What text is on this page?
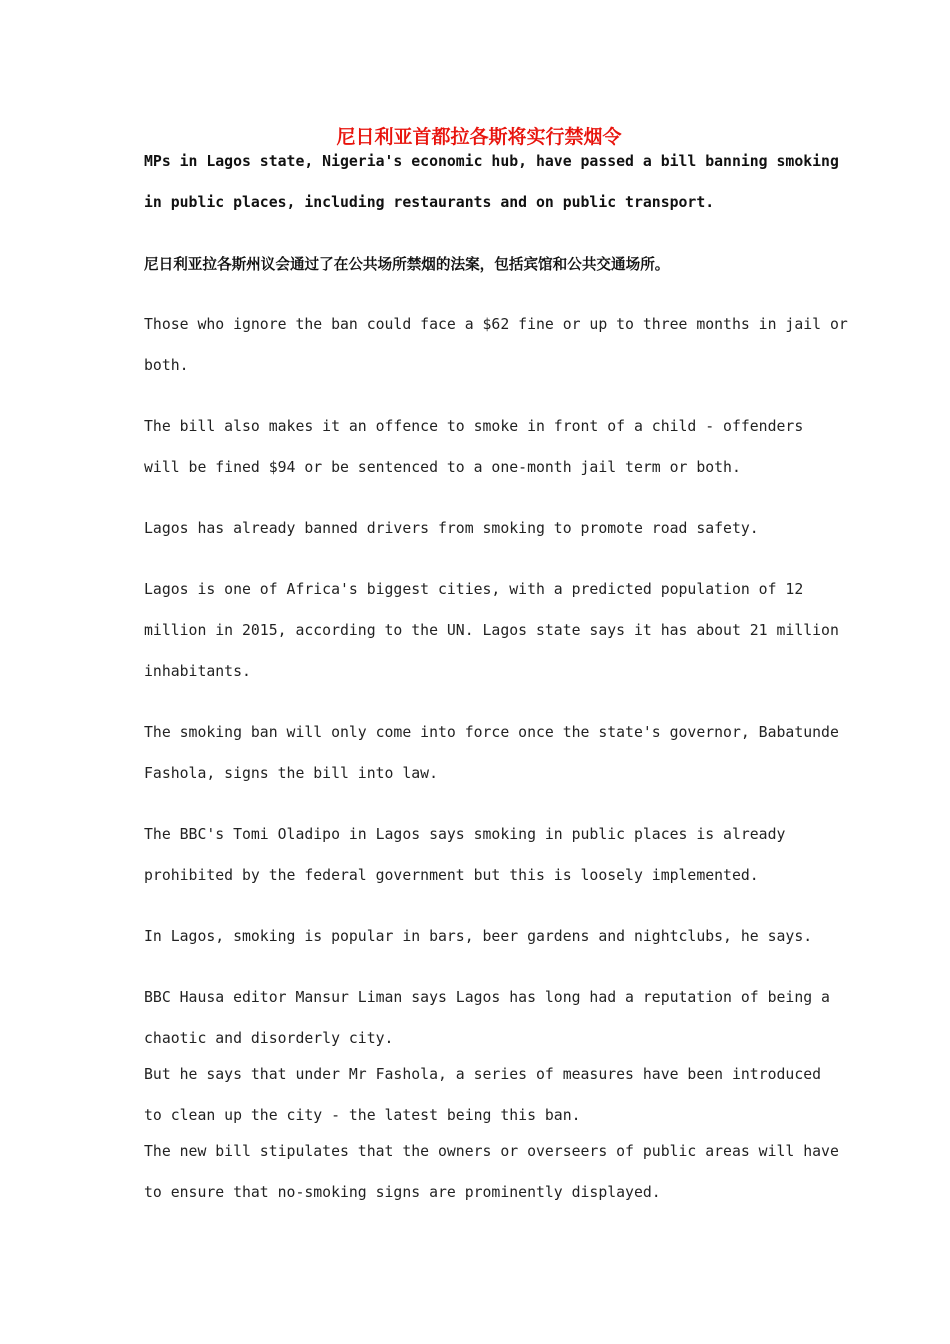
尼日利亚首都拉各斯将实行禁烟令
MPs in Lagos state, Nigeria's economic hub, have passed a bill banning smoking
in public places, including restaurants and on public transport.
尼日利亚拉各斯州议会通过了在公共场所禁烟的法案，包括宾馆和公共交通场所。
Those who ignore the ban could face a $62 fine or up to three months in jail or
both.
The bill also makes it an offence to smoke in front of a child - offenders
will be fined $94 or be sentenced to a one-month jail term or both.
Lagos has already banned drivers from smoking to promote road safety.
Lagos is one of Africa's biggest cities, with a predicted population of 12
million in 2015, according to the UN. Lagos state says it has about 21 million
inhabitants.
The smoking ban will only come into force once the state's governor, Babatunde
Fashola, signs the bill into law.
The BBC's Tomi Oladipo in Lagos says smoking in public places is already
prohibited by the federal government but this is loosely implemented.
In Lagos, smoking is popular in bars, beer gardens and nightclubs, he says.
BBC Hausa editor Mansur Liman says Lagos has long had a reputation of being a
chaotic and disorderly city.
But he says that under Mr Fashola, a series of measures have been introduced
to clean up the city - the latest being this ban.
The new bill stipulates that the owners or overseers of public areas will have
to ensure that no-smoking signs are prominently displayed.
